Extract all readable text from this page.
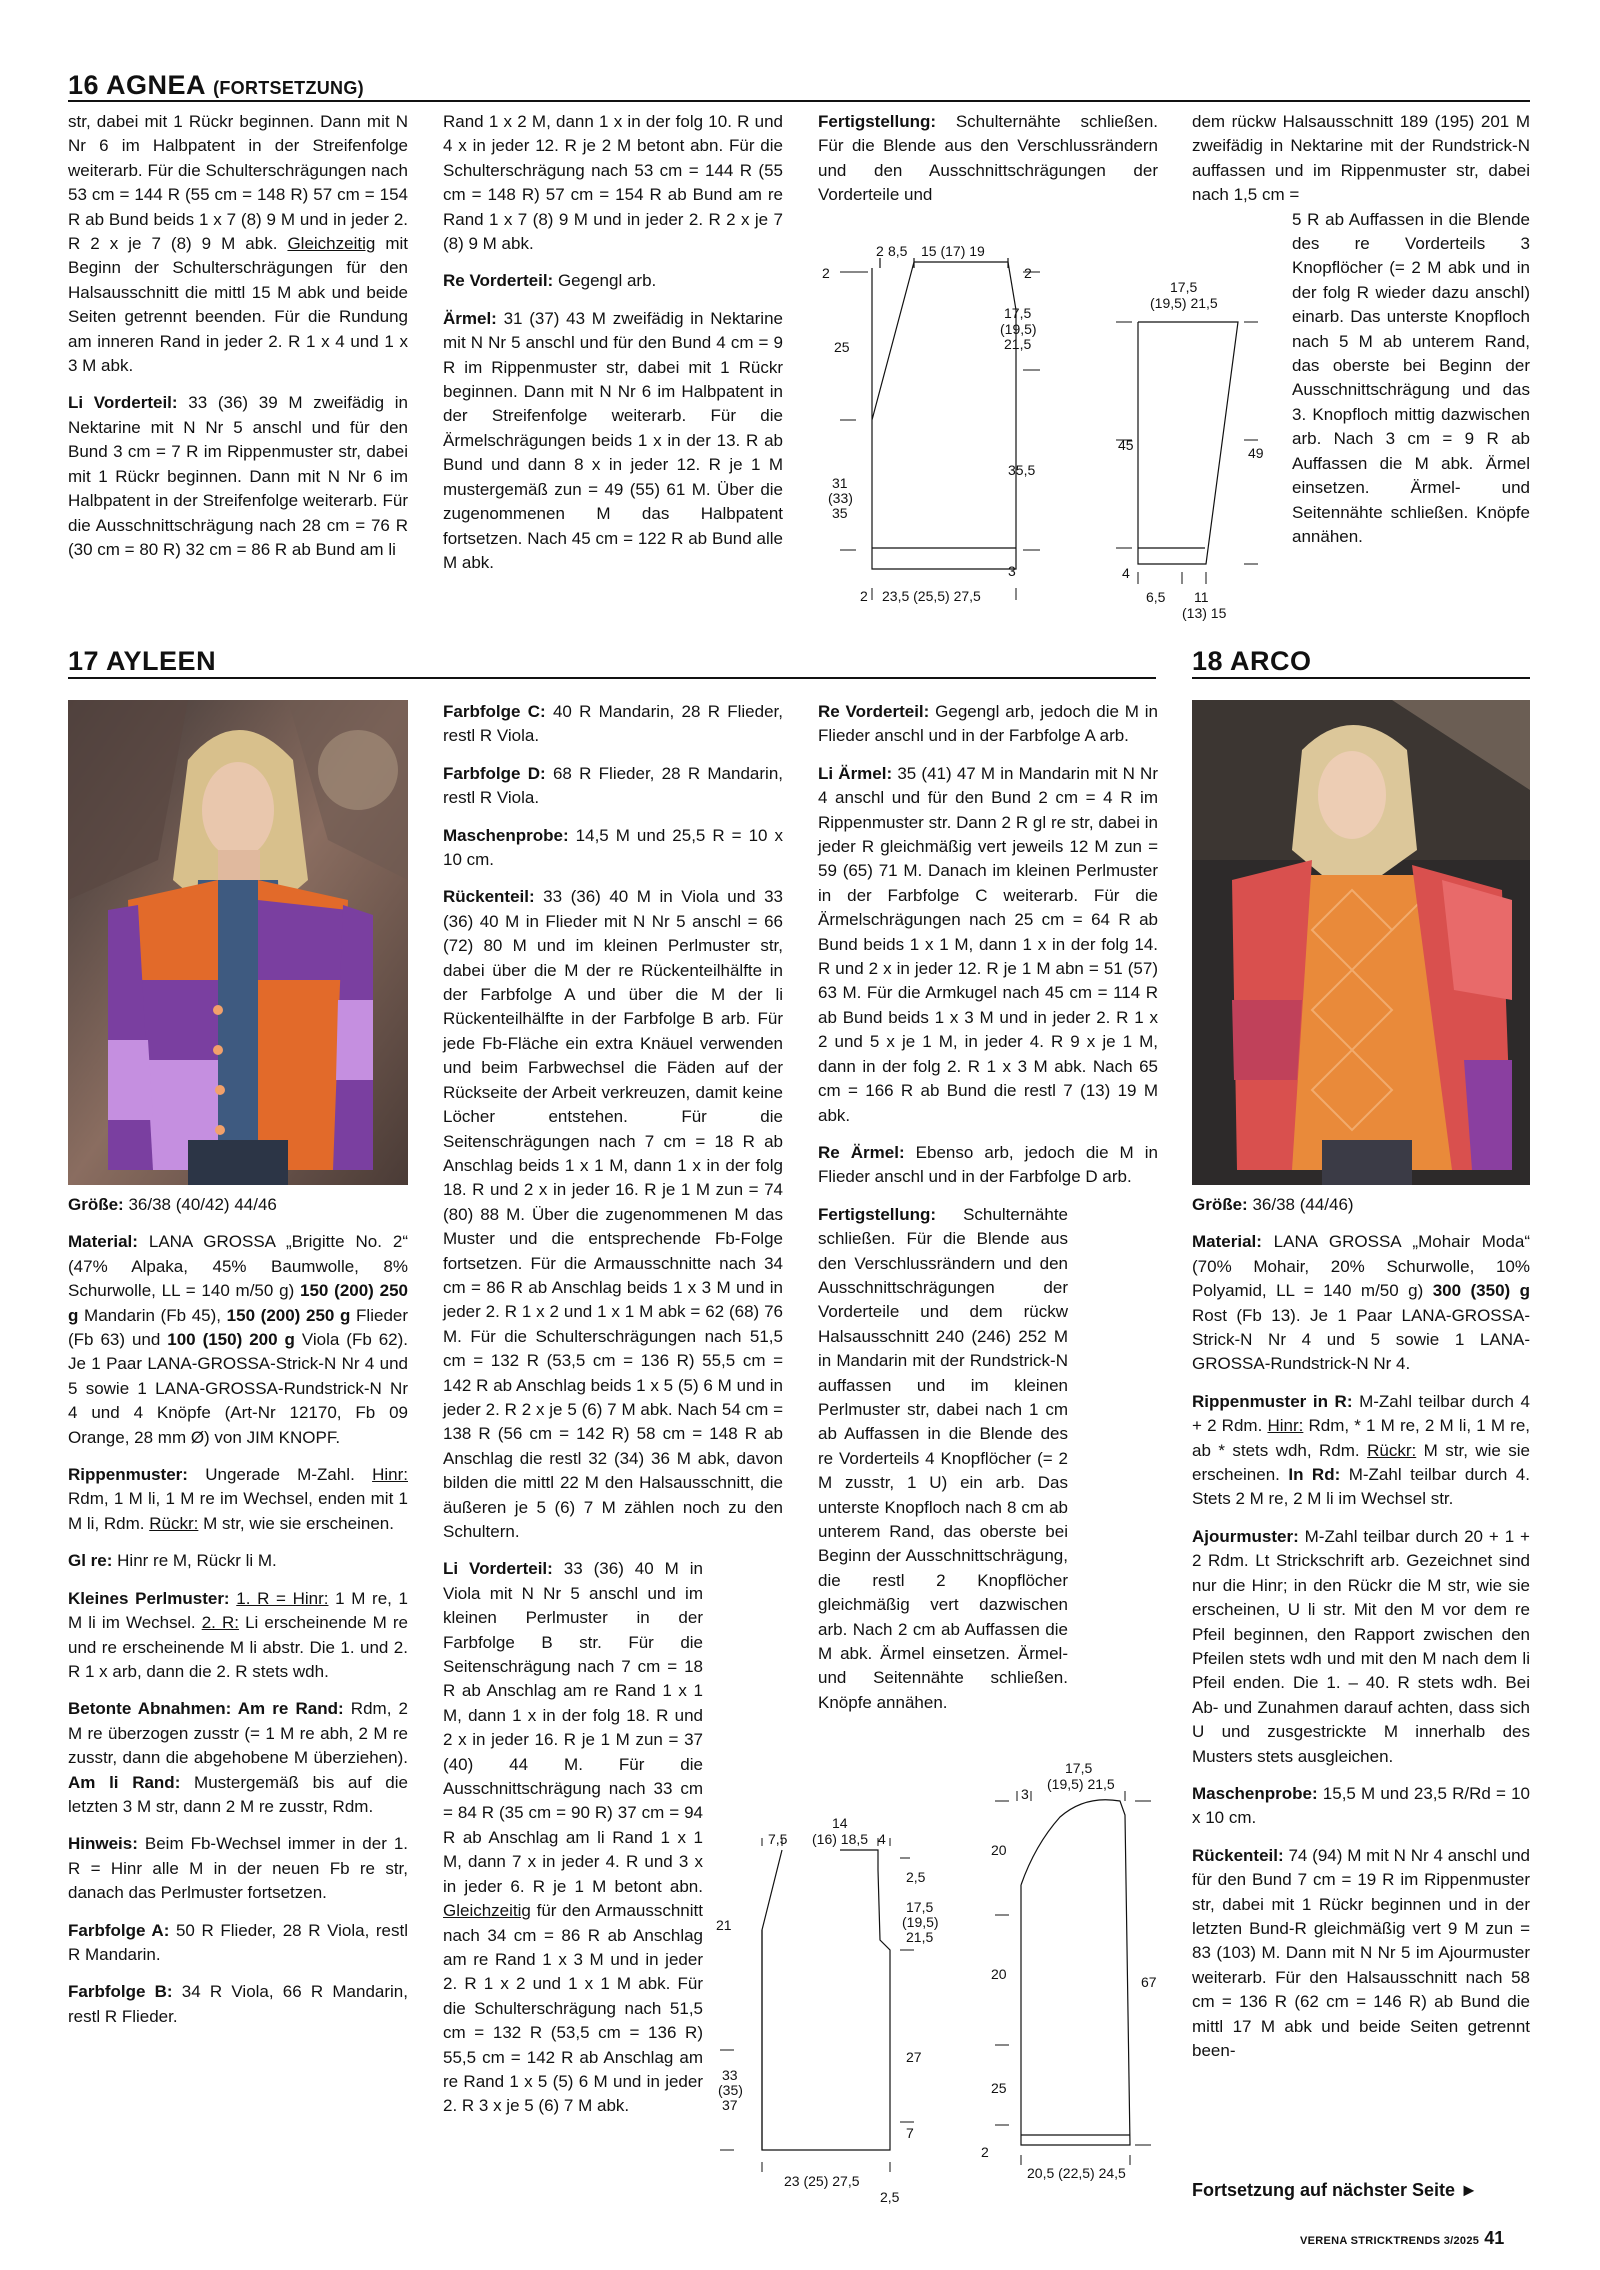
16 AGNEA (FORTSETZUNG)

str, dabei mit 1 Rückr beginnen. Dann mit N Nr 6 im Halbpatent in der Streifenfolge weiterarb. Für die Schulterschrägungen nach 53 cm = 144 R (55 cm = 148 R) 57 cm = 154 R ab Bund beids 1 x 7 (8) 9 M und in jeder 2. R 2 x je 7 (8) 9 M abk. Gleichzeitig mit Beginn der Schulterschrägungen für den Halsausschnitt die mittl 15 M abk und beide Seiten getrennt beenden. Für die Rundung am inneren Rand in jeder 2. R 1 x 4 und 1 x 3 M abk.

Li Vorderteil: 33 (36) 39 M zweifädig in Nektarine mit N Nr 5 anschl und für den Bund 3 cm = 7 R im Rippenmuster str, dabei mit 1 Rückr beginnen. Dann mit N Nr 6 im Halbpatent in der Streifenfolge weiterarb. Für die Ausschnittschrägung nach 28 cm = 76 R (30 cm = 80 R) 32 cm = 86 R ab Bund am li

Rand 1 x 2 M, dann 1 x in der folg 10. R und 4 x in jeder 12. R je 2 M betont abn. Für die Schulterschrägung nach 53 cm = 144 R (55 cm = 148 R) 57 cm = 154 R ab Bund am re Rand 1 x 7 (8) 9 M und in jeder 2. R 2 x je 7 (8) 9 M abk.

Re Vorderteil: Gegengl arb.

Ärmel: 31 (37) 43 M zweifädig in Nektarine mit N Nr 5 anschl und für den Bund 4 cm = 9 R im Rippenmuster str, dabei mit 1 Rückr beginnen. Dann mit N Nr 6 im Halbpatent in der Streifenfolge weiterarb. Für die Ärmelschrägungen beids 1 x in der 13. R ab Bund und dann 8 x in jeder 12. R je 1 M mustergemäß zun = 49 (55) 61 M. Über die zugenommenen M das Halbpatent fortsetzen. Nach 45 cm = 122 R ab Bund alle M abk.

Fertigstellung: Schulternähte schließen. Für die Blende aus den Verschlussrändern und den Ausschnittschrägungen der Vorderteile und

dem rückw Halsausschnitt 189 (195) 201 M zweifädig in Nektarine mit der Rundstrick-N auffassen und im Rippenmuster str, dabei nach 1,5 cm =

5 R ab Auffassen in die Blende des re Vorderteils 3 Knopflöcher (= 2 M abk und in der folg R wieder dazu anschl) einarb. Das unterste Knopfloch nach 5 M ab unterem Rand, das oberste bei Beginn der Ausschnittschrägung und das 3. Knopfloch mittig dazwischen arb. Nach 3 cm = 9 R ab Auffassen die M abk. Ärmel einsetzen. Ärmel- und Seitennähte schließen. Knöpfe annähen.

2 8,5 15 (17) 19
2	2
17,5
(19,5)
21,5
25
35,5
31
(33)
35
3
2 23,5 (25,5) 27,5
17,5
(19,5) 21,5
45	49
4
6,5 11
(13) 15
17 AYLEEN	18 ARCO

Größe: 36/38 (40/42) 44/46

Material: LANA GROSSA „Brigitte No. 2“ (47% Alpaka, 45% Baumwolle, 8% Schurwolle, LL = 140 m/50 g) 150 (200) 250 g Mandarin (Fb 45), 150 (200) 250 g Flieder (Fb 63) und 100 (150) 200 g Viola (Fb 62). Je 1 Paar LANA-GROSSA-Strick-N Nr 4 und 5 sowie 1 LANA-GROSSA-Rundstrick-N Nr 4 und 4 Knöpfe (Art-Nr 12170, Fb 09 Orange, 28 mm Ø) von JIM KNOPF.

Rippenmuster: Ungerade M-Zahl. Hinr: Rdm, 1 M li, 1 M re im Wechsel, enden mit 1 M li, Rdm. Rückr: M str, wie sie erscheinen.

Gl re: Hinr re M, Rückr li M.

Kleines Perlmuster: 1. R = Hinr: 1 M re, 1 M li im Wechsel. 2. R: Li erscheinende M re und re erscheinende M li abstr. Die 1. und 2. R 1 x arb, dann die 2. R stets wdh.

Betonte Abnahmen: Am re Rand: Rdm, 2 M re überzogen zusstr (= 1 M re abh, 2 M re zusstr, dann die abgehobene M überziehen). Am li Rand: Mustergemäß bis auf die letzten 3 M str, dann 2 M re zusstr, Rdm.

Hinweis: Beim Fb-Wechsel immer in der 1. R = Hinr alle M in der neuen Fb re str, danach das Perlmuster fortsetzen.

Farbfolge A: 50 R Flieder, 28 R Viola, restl R Mandarin.

Farbfolge B: 34 R Viola, 66 R Mandarin, restl R Flieder.

Farbfolge C: 40 R Mandarin, 28 R Flieder, restl R Viola.

Farbfolge D: 68 R Flieder, 28 R Mandarin, restl R Viola.

Maschenprobe: 14,5 M und 25,5 R = 10 x 10 cm.

Rückenteil: 33 (36) 40 M in Viola und 33 (36) 40 M in Flieder mit N Nr 5 anschl = 66 (72) 80 M und im kleinen Perlmuster str, dabei über die M der re Rückenteilhälfte in der Farbfolge A und über die M der li Rückenteilhälfte in der Farbfolge B arb. Für jede Fb-Fläche ein extra Knäuel verwenden und beim Farbwechsel die Fäden auf der Rückseite der Arbeit verkreuzen, damit keine Löcher entstehen. Für die Seitenschrägungen nach 7 cm = 18 R ab Anschlag beids 1 x 1 M, dann 1 x in der folg 18. R und 2 x in jeder 16. R je 1 M zun = 74 (80) 88 M. Über die zugenommenen M das Muster und die entsprechende Fb-Folge fortsetzen. Für die Armausschnitte nach 34 cm = 86 R ab Anschlag beids 1 x 3 M und in jeder 2. R 1 x 2 und 1 x 1 M abk = 62 (68) 76 M. Für die Schulterschrägungen nach 51,5 cm = 132 R (53,5 cm = 136 R) 55,5 cm = 142 R ab Anschlag beids 1 x 5 (5) 6 M und in jeder 2. R 2 x je 5 (6) 7 M abk. Nach 54 cm = 138 R (56 cm = 142 R) 58 cm = 148 R ab Anschlag die restl 32 (34) 36 M abk, davon bilden die mittl 22 M den Halsausschnitt, die äußeren je 5 (6) 7 M zählen noch zu den Schultern.

Li Vorderteil: 33 (36) 40 M in Viola mit N Nr 5 anschl und im kleinen Perlmuster in der Farbfolge B str. Für die Seitenschrägung nach 7 cm = 18 R ab Anschlag am re Rand 1 x 1 M, dann 1 x in der folg 18. R und 2 x in jeder 16. R je 1 M zun = 37 (40) 44 M. Für die Ausschnittschrägung nach 33 cm = 84 R (35 cm = 90 R) 37 cm = 94 R ab Anschlag am li Rand 1 x 1 M, dann 7 x in jeder 4. R und 3 x in jeder 6. R je 1 M betont abn. Gleichzeitig für den Armausschnitt nach 34 cm = 86 R ab Anschlag am re Rand 1 x 3 M und in jeder 2. R 1 x 2 und 1 x 1 M abk. Für die Schulterschrägung nach 51,5 cm = 132 R (53,5 cm = 136 R) 55,5 cm = 142 R ab Anschlag am re Rand 1 x 5 (5) 6 M und in jeder 2. R 3 x je 5 (6) 7 M abk.

Re Vorderteil: Gegengl arb, jedoch die M in Flieder anschl und in der Farbfolge A arb.

Li Ärmel: 35 (41) 47 M in Mandarin mit N Nr 4 anschl und für den Bund 2 cm = 4 R im Rippenmuster str. Dann 2 R gl re str, dabei in jeder R gleichmäßig vert jeweils 12 M zun = 59 (65) 71 M. Danach im kleinen Perlmuster in der Farbfolge C weiterarb. Für die Ärmelschrägungen nach 25 cm = 64 R ab Bund beids 1 x 1 M, dann 1 x in der folg 14. R und 2 x in jeder 12. R je 1 M abn = 51 (57) 63 M. Für die Armkugel nach 45 cm = 114 R ab Bund beids 1 x 3 M und in jeder 2. R 1 x 2 und 5 x je 1 M, in jeder 4. R 9 x je 1 M, dann in der folg 2. R 1 x 3 M abk. Nach 65 cm = 166 R ab Bund die restl 7 (13) 19 M abk.

Re Ärmel: Ebenso arb, jedoch die M in Flieder anschl und in der Farbfolge D arb.

Fertigstellung: Schulternähte schließen. Für die Blende aus den Verschlussrändern und den Ausschnittschrägungen der Vorderteile und dem rückw Halsausschnitt 240 (246) 252 M in Mandarin mit der Rundstrick-N auffassen und im kleinen Perlmuster str, dabei nach 1 cm ab Auffassen in die Blende des re Vorderteils 4 Knopflöcher (= 2 M zusstr, 1 U) ein arb. Das unterste Knopfloch nach 8 cm ab unterem Rand, das oberste bei Beginn der Ausschnittschrägung, die restl 2 Knopflöcher gleichmäßig vert dazwischen arb. Nach 2 cm ab Auffassen die M abk. Ärmel einsetzen. Ärmel- und Seitennähte schließen. Knöpfe annähen.

14
7,5 (16) 18,5 4
2,5
17,5
(19,5)
21,5
21
27
33
(35)
37
7
23 (25) 27,5
2,5
17,5
(19,5) 21,5
3
20
20	67
25
2
20,5 (22,5) 24,5

Größe: 36/38 (44/46)

Material: LANA GROSSA „Mohair Moda“ (70% Mohair, 20% Schurwolle, 10% Polyamid, LL = 140 m/50 g) 300 (350) g Rost (Fb 13). Je 1 Paar LANA-GROSSA-Strick-N Nr 4 und 5 sowie 1 LANA-GROSSA-Rundstrick-N Nr 4.

Rippenmuster in R: M-Zahl teilbar durch 4 + 2 Rdm. Hinr: Rdm, * 1 M re, 2 M li, 1 M re, ab * stets wdh, Rdm. Rückr: M str, wie sie erscheinen. In Rd: M-Zahl teilbar durch 4. Stets 2 M re, 2 M li im Wechsel str.

Ajourmuster: M-Zahl teilbar durch 20 + 1 + 2 Rdm. Lt Strickschrift arb. Gezeichnet sind nur die Hinr; in den Rückr die M str, wie sie erscheinen, U li str. Mit den M vor dem re Pfeil beginnen, den Rapport zwischen den Pfeilen stets wdh und mit den M nach dem li Pfeil enden. Die 1. – 40. R stets wdh. Bei Ab- und Zunahmen darauf achten, dass sich U und zusgestrickte M innerhalb des Musters stets ausgleichen.

Maschenprobe: 15,5 M und 23,5 R/Rd = 10 x 10 cm.

Rückenteil: 74 (94) M mit N Nr 4 anschl und für den Bund 7 cm = 19 R im Rippenmuster str, dabei mit 1 Rückr beginnen und in der letzten Bund-R gleichmäßig vert 9 M zun = 83 (103) M. Dann mit N Nr 5 im Ajourmuster weiterarb. Für den Halsausschnitt nach 58 cm = 136 R (62 cm = 146 R) ab Bund die mittl 17 M abk und beide Seiten getrennt been-

Fortsetzung auf nächster Seite ►
VERENA STRICKTRENDS 3/2025 41
